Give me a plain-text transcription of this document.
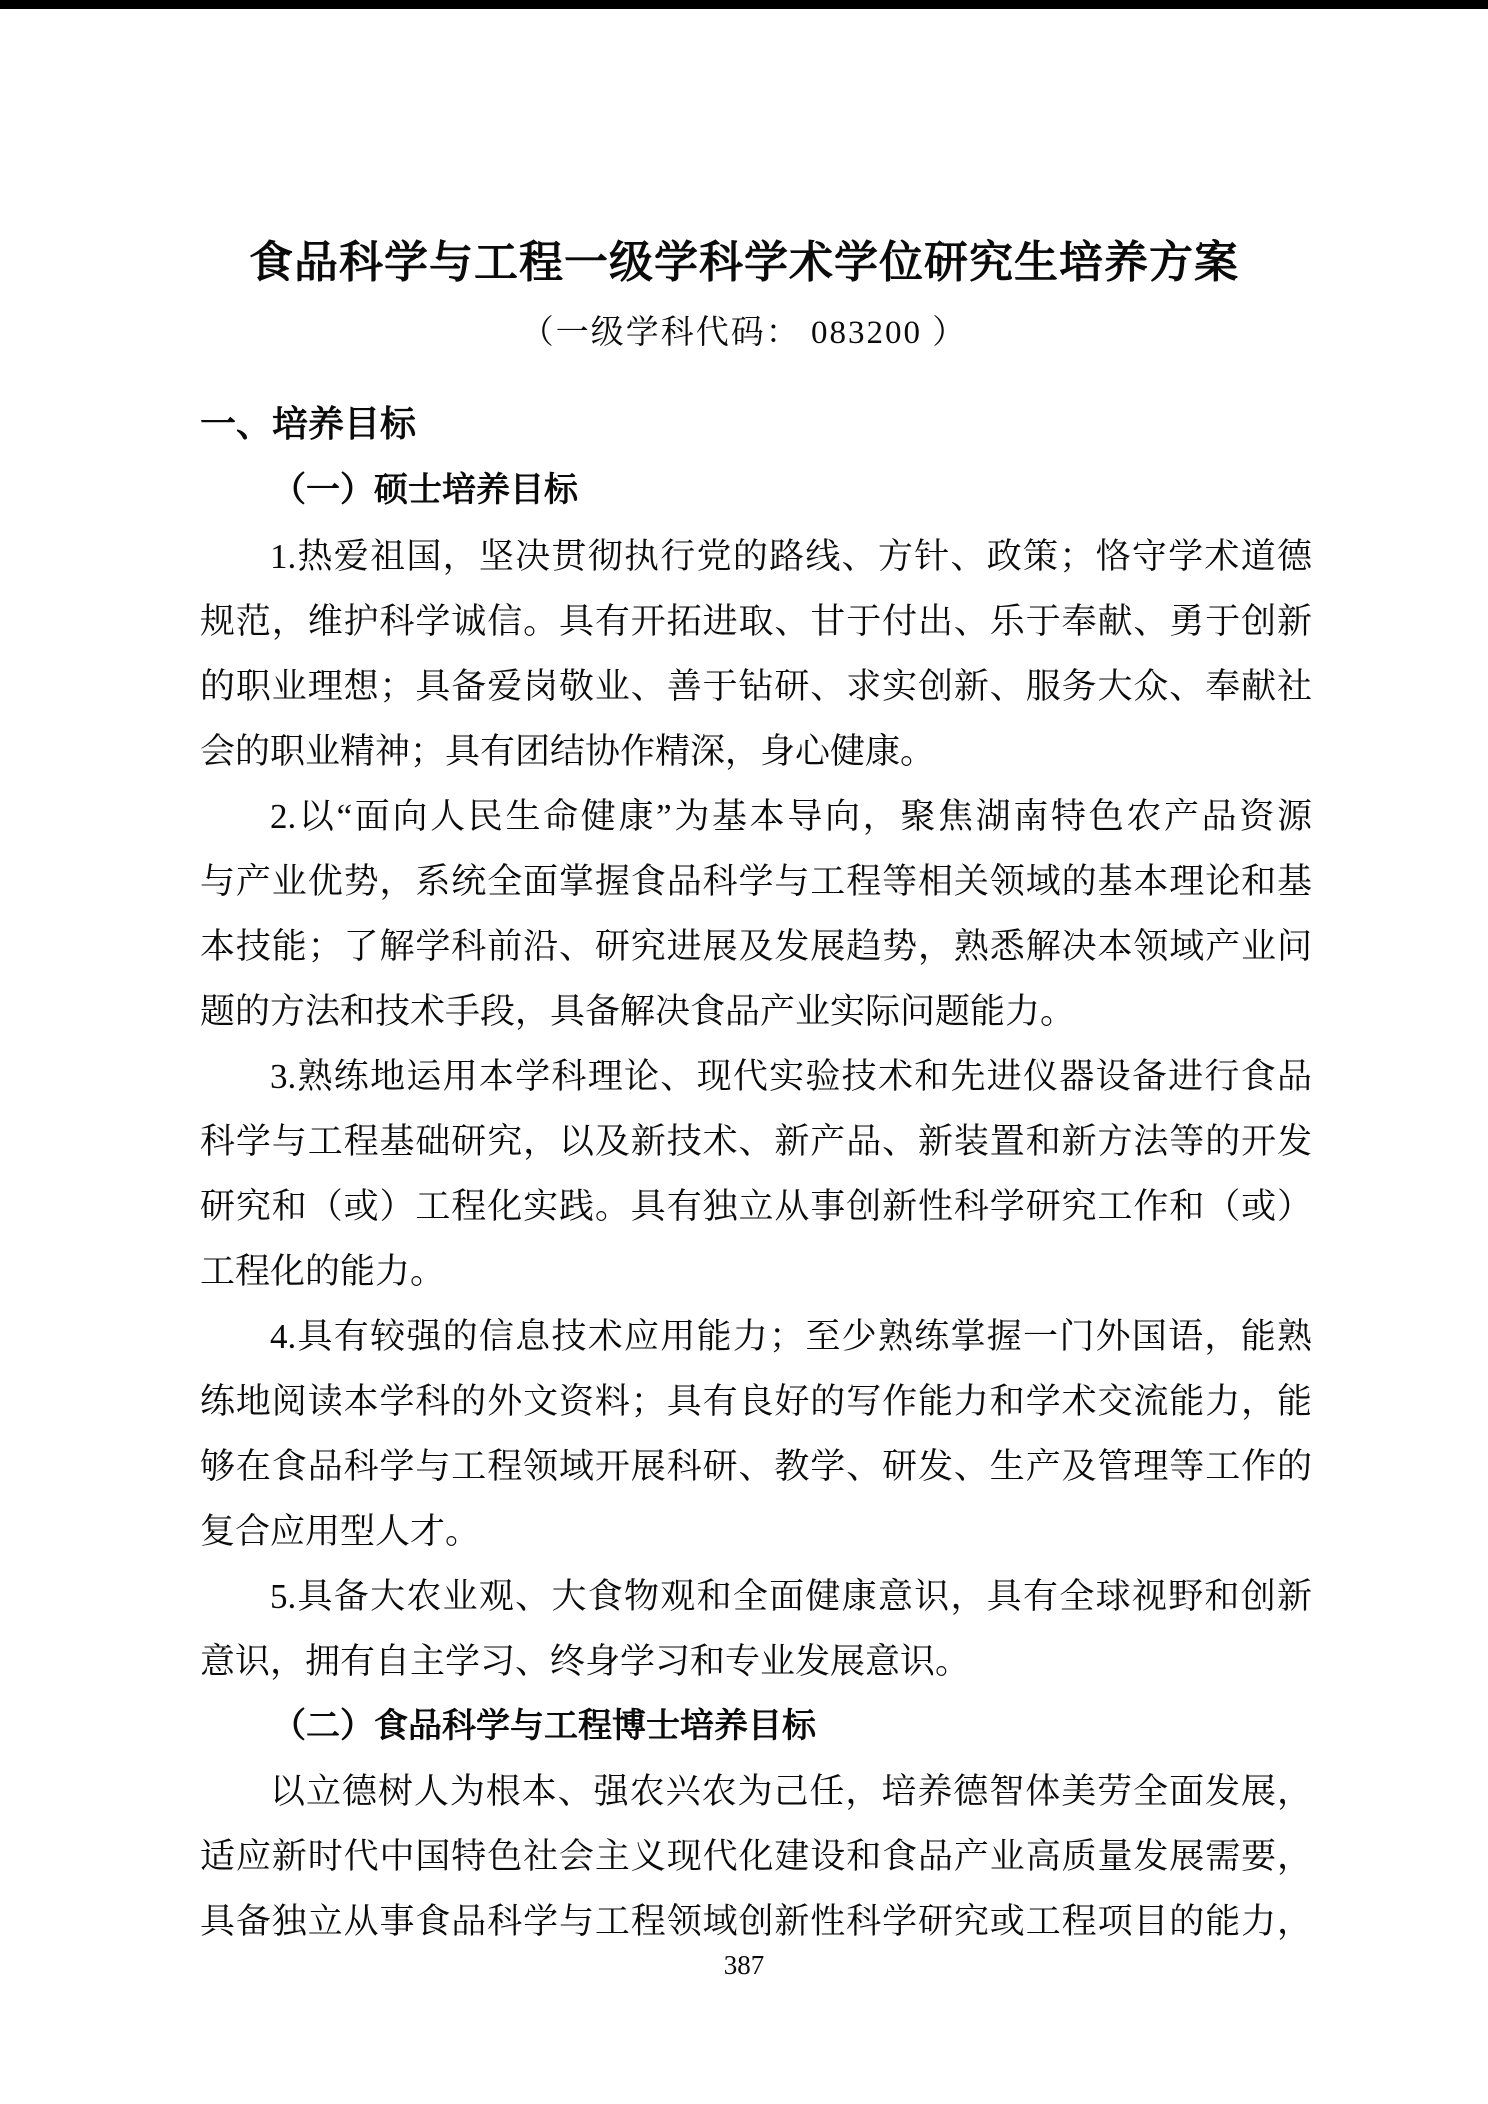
食品科学与工程一级学科学术学位研究生培养方案
（一级学科代码： 083200 ）
一、培养目标
（一）硕士培养目标
1.热爱祖国，坚决贯彻执行党的路线、方针、政策；恪守学术道德
规范，维护科学诚信。具有开拓进取、甘于付出、乐于奉献、勇于创新
的职业理想；具备爱岗敬业、善于钻研、求实创新、服务大众、奉献社
会的职业精神；具有团结协作精深，身心健康。
2.以“面向人民生命健康”为基本导向，聚焦湖南特色农产品资源
与产业优势，系统全面掌握食品科学与工程等相关领域的基本理论和基
本技能；了解学科前沿、研究进展及发展趋势，熟悉解决本领域产业问
题的方法和技术手段，具备解决食品产业实际问题能力。
3.熟练地运用本学科理论、现代实验技术和先进仪器设备进行食品
科学与工程基础研究，以及新技术、新产品、新装置和新方法等的开发
研究和（或）工程化实践。具有独立从事创新性科学研究工作和（或）
工程化的能力。
4.具有较强的信息技术应用能力；至少熟练掌握一门外国语，能熟
练地阅读本学科的外文资料；具有良好的写作能力和学术交流能力，能
够在食品科学与工程领域开展科研、教学、研发、生产及管理等工作的
复合应用型人才。
5.具备大农业观、大食物观和全面健康意识，具有全球视野和创新
意识，拥有自主学习、终身学习和专业发展意识。
（二）食品科学与工程博士培养目标
以立德树人为根本、强农兴农为己任，培养德智体美劳全面发展，
适应新时代中国特色社会主义现代化建设和食品产业高质量发展需要，
具备独立从事食品科学与工程领域创新性科学研究或工程项目的能力，
387
